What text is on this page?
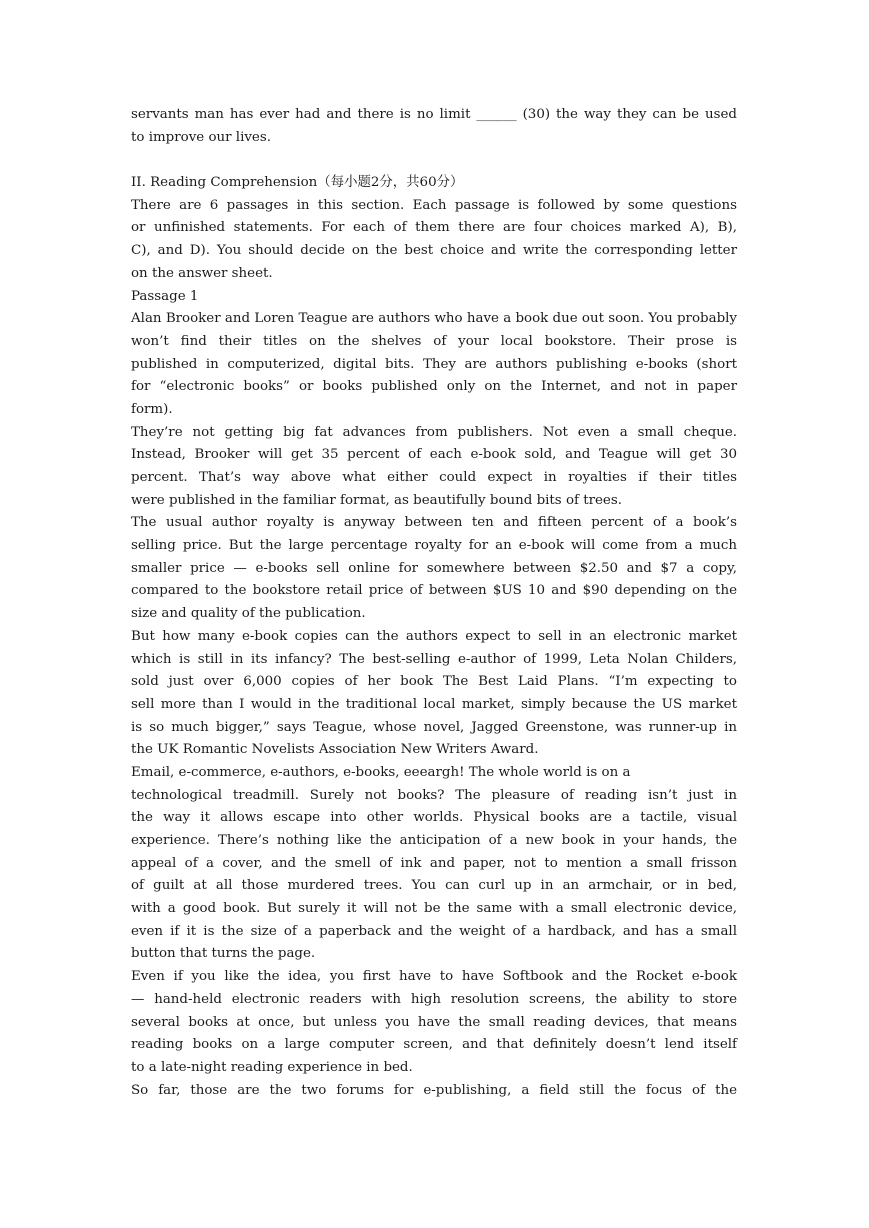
servants man has ever had and there is no limit ______ (30) the way they can be used
to improve our lives.
II. Reading Comprehension（每小题2分，共60分）
There are 6 passages in this section. Each passage is followed by some questions
or unfinished statements. For each of them there are four choices marked A), B),
C), and D). You should decide on the best choice and write the corresponding letter
on the answer sheet.
Passage 1
Alan Brooker and Loren Teague are authors who have a book due out soon. You probably
won’t find their titles on the shelves of your local bookstore. Their prose is
published in computerized, digital bits. They are authors publishing e-books (short
for “electronic books” or books published only on the Internet, and not in paper
form).
They’re not getting big fat advances from publishers. Not even a small cheque.
Instead, Brooker will get 35 percent of each e-book sold, and Teague will get 30
percent. That’s way above what either could expect in royalties if their titles
were published in the familiar format, as beautifully bound bits of trees.
The usual author royalty is anyway between ten and fifteen percent of a book’s
selling price. But the large percentage royalty for an e-book will come from a much
smaller price — e-books sell online for somewhere between $2.50 and $7 a copy,
compared to the bookstore retail price of between $US 10 and $90 depending on the
size and quality of the publication.
But how many e-book copies can the authors expect to sell in an electronic market
which is still in its infancy? The best-selling e-author of 1999, Leta Nolan Childers,
sold just over 6,000 copies of her book The Best Laid Plans. “I’m expecting to
sell more than I would in the traditional local market, simply because the US market
is so much bigger,” says Teague, whose novel, Jagged Greenstone, was runner-up in
the UK Romantic Novelists Association New Writers Award.
Email, e-commerce, e-authors, e-books, eeeargh! The whole world is on a
technological treadmill. Surely not books? The pleasure of reading isn’t just in
the way it allows escape into other worlds. Physical books are a tactile, visual
experience. There’s nothing like the anticipation of a new book in your hands, the
appeal of a cover, and the smell of ink and paper, not to mention a small frisson
of guilt at all those murdered trees. You can curl up in an armchair, or in bed,
with a good book. But surely it will not be the same with a small electronic device,
even if it is the size of a paperback and the weight of a hardback, and has a small
button that turns the page.
Even if you like the idea, you first have to have Softbook and the Rocket e-book
— hand-held electronic readers with high resolution screens, the ability to store
several books at once, but unless you have the small reading devices, that means
reading books on a large computer screen, and that definitely doesn’t lend itself
to a late-night reading experience in bed.
So far, those are the two forums for e-publishing, a field still the focus of the
